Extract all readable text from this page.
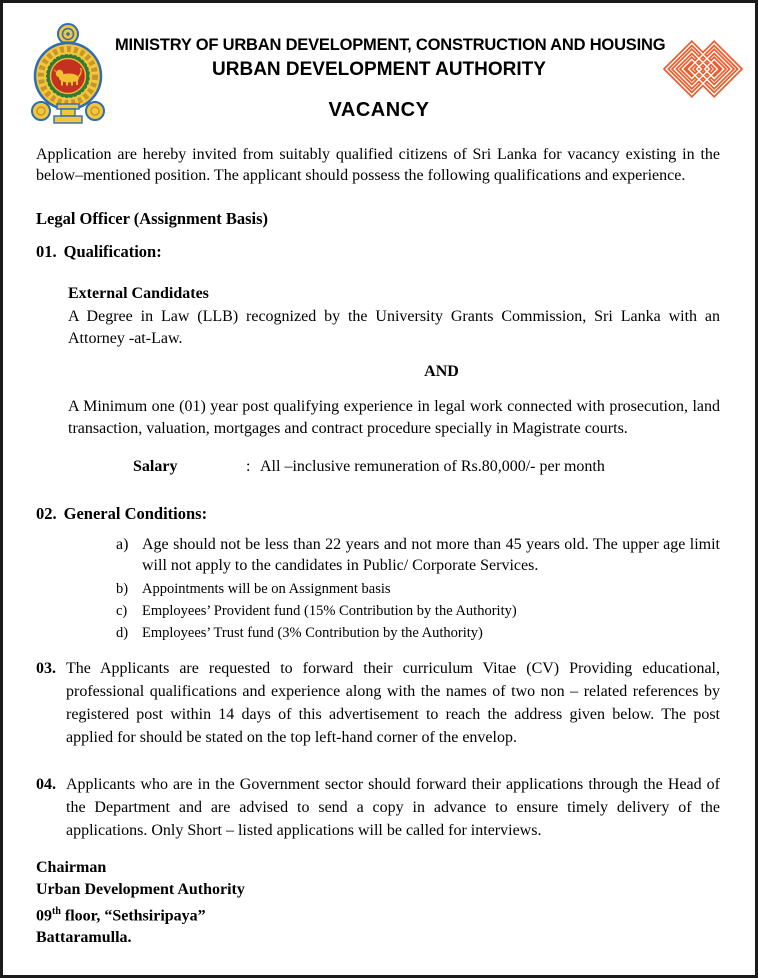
MINISTRY OF URBAN DEVELOPMENT, CONSTRUCTION AND HOUSING
URBAN DEVELOPMENT AUTHORITY
VACANCY

Application are hereby invited from suitably qualified citizens of Sri Lanka for vacancy existing in the below–mentioned position. The applicant should possess the following qualifications and experience.

Legal Officer (Assignment Basis)
01. Qualification:
External Candidates

A Degree in Law (LLB) recognized by the University Grants Commission, Sri Lanka with an Attorney -at-Law.

AND

A Minimum one (01) year post qualifying experience in legal work connected with prosecution, land transaction, valuation, mortgages and contract procedure specially in Magistrate courts.

Salary	: All –inclusive remuneration of Rs.80,000/- per month
02. General Conditions:
a) Age should not be less than 22 years and not more than 45 years old. The upper age limit will not apply to the candidates in Public/ Corporate Services.
b) Appointments will be on Assignment basis
c)	Employees’ Provident fund (15% Contribution by the Authority)
d) Employees’ Trust fund (3% Contribution by the Authority)
03. The Applicants are requested to forward their curriculum Vitae (CV) Providing educational, professional qualifications and experience along with the names of two non – related references by registered post within 14 days of this advertisement to reach the address given below. The post applied for should be stated on the top left-hand corner of the envelop.
04. Applicants who are in the Government sector should forward their applications through the Head of the Department and are advised to send a copy in advance to ensure timely delivery of the applications. Only Short – listed applications will be called for interviews.
Chairman
Urban Development Authority
09th floor, “Sethsiripaya”
Battaramulla.
